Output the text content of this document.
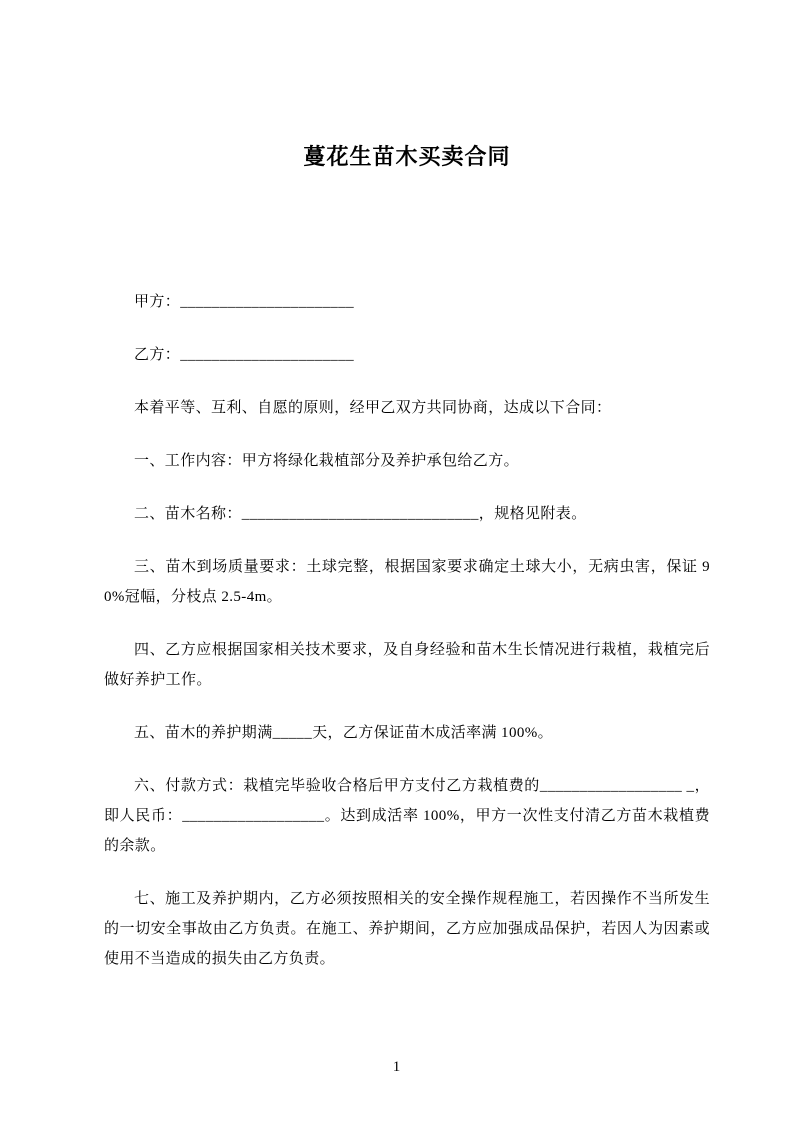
蔓花生苗木买卖合同

甲方：______________________

乙方：______________________

本着平等、互利、自愿的原则，经甲乙双方共同协商，达成以下合同：

一、工作内容：甲方将绿化栽植部分及养护承包给乙方。

二、苗木名称：______________________________，规格见附表。

三、苗木到场质量要求：土球完整，根据国家要求确定土球大小，无病虫害，保证 90%冠幅，分枝点 2.5-4m。

四、乙方应根据国家相关技术要求，及自身经验和苗木生长情况进行栽植，栽植完后做好养护工作。

五、苗木的养护期满_____天，乙方保证苗木成活率满 100%。

六、付款方式：栽植完毕验收合格后甲方支付乙方栽植费的__________________ _，即人民币：__________________。达到成活率 100%，甲方一次性支付清乙方苗木栽植费的余款。

七、施工及养护期内，乙方必须按照相关的安全操作规程施工，若因操作不当所发生的一切安全事故由乙方负责。在施工、养护期间，乙方应加强成品保护，若因人为因素或使用不当造成的损失由乙方负责。

1
